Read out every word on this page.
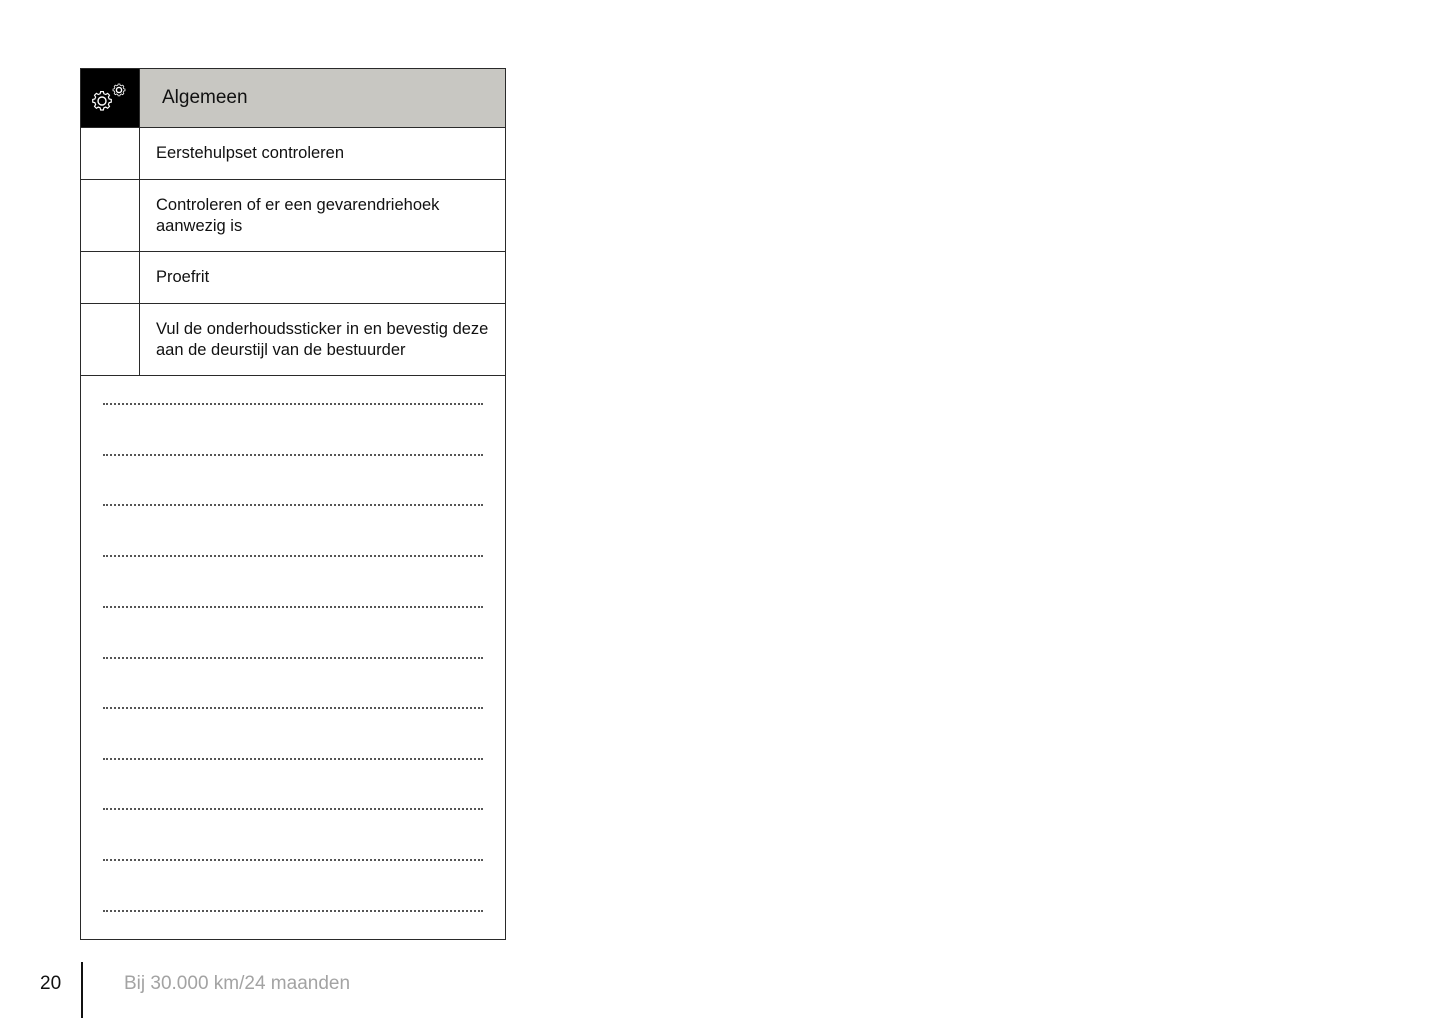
Algemeen
Eerstehulpset controleren
Controleren of er een gevarendriehoek aanwezig is
Proefrit
Vul de onderhoudssticker in en bevestig deze aan de deurstijl van de bestuurder
20	Bij 30.000 km/24 maanden
